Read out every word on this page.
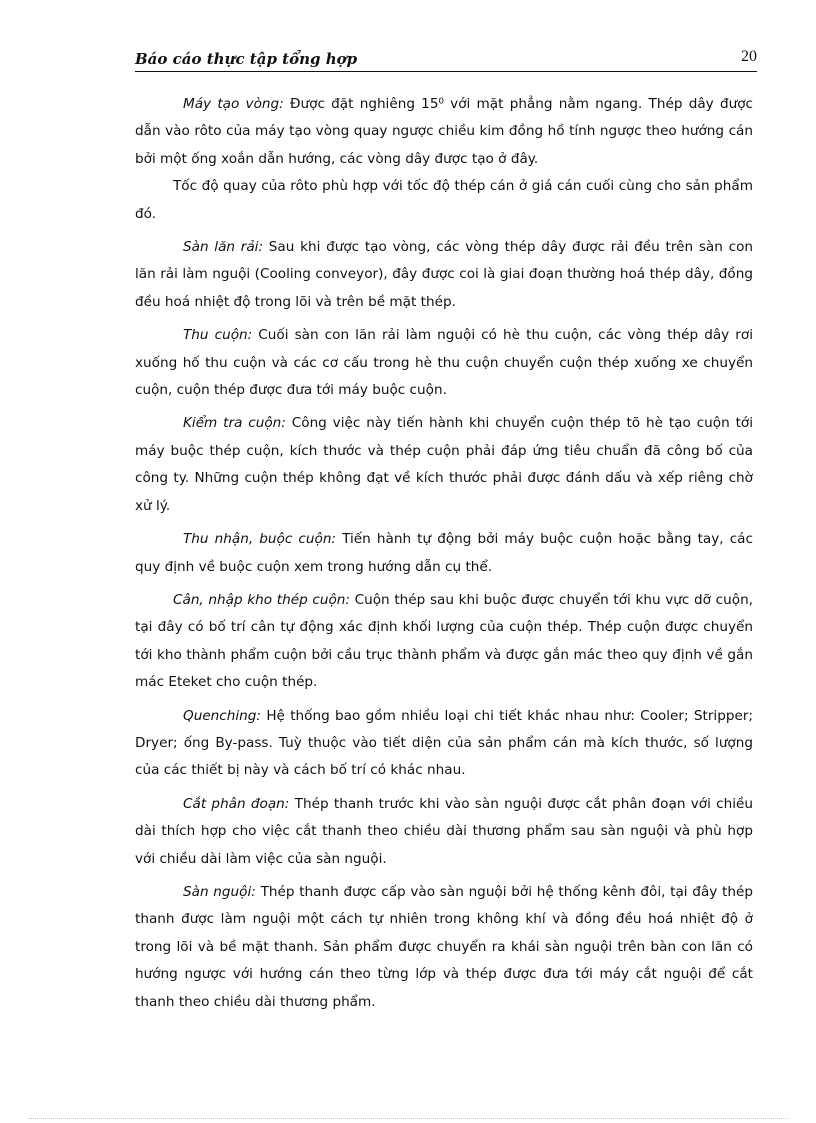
Báo cáo thực tập tổng hợp	20

Máy tạo vòng: Được đặt nghiêng 15⁰ với mặt phẳng nằm ngang. Thép dây được dẫn vào rôto của máy tạo vòng quay ngược chiều kim đồng hồ tính ngược theo hướng cán bởi một ống xoắn dẫn hướng, các vòng dây được tạo ở đây.

Tốc độ quay của rôto phù hợp với tốc độ thép cán ở giá cán cuối cùng cho sản phẩm đó.

Sàn lăn rải: Sau khi được tạo vòng, các vòng thép dây được rải đều trên sàn con lăn rải làm nguội (Cooling conveyor), đây được coi là giai đoạn thường hoá thép dây, đồng đều hoá nhiệt độ trong lõi và trên bề mặt thép.

Thu cuộn: Cuối sàn con lăn rải làm nguội có hè thu cuộn, các vòng thép dây rơi xuống hố thu cuộn và các cơ cấu trong hè thu cuộn chuyển cuộn thép xuống xe chuyển cuộn, cuộn thép được đưa tới máy buộc cuộn.

Kiểm tra cuộn: Công việc này tiến hành khi chuyển cuộn thép tõ hè tạo cuộn tới máy buộc thép cuộn, kích thước và thép cuộn phải đáp ứng tiêu chuẩn đã công bố của công ty. Những cuộn thép không đạt về kích thước phải được đánh dấu và xếp riêng chờ xử lý.

Thu nhận, buộc cuộn: Tiến hành tự động bởi máy buộc cuộn hoặc bằng tay, các quy định về buộc cuộn xem trong hướng dẫn cụ thể.

Cân, nhập kho thép cuộn: Cuộn thép sau khi buộc được chuyển tới khu vực dỡ cuộn, tại đây có bố trí cân tự động xác định khối lượng của cuộn thép. Thép cuộn được chuyển tới kho thành phẩm cuộn bởi cầu trục thành phẩm và được gắn mác theo quy định về gắn mác Eteket cho cuộn thép.

Quenching: Hệ thống bao gồm nhiều loại chi tiết khác nhau như: Cooler; Stripper; Dryer; ống By-pass. Tuỳ thuộc vào tiết diện của sản phẩm cán mà kích thước, số lượng của các thiết bị này và cách bố trí có khác nhau.

Cắt phân đoạn: Thép thanh trước khi vào sàn nguội được cắt phân đoạn với chiều dài thích hợp cho việc cắt thanh theo chiều dài thương phẩm sau sàn nguội và phù hợp với chiều dài làm việc của sàn nguội.

Sàn nguội: Thép thanh được cấp vào sàn nguội bởi hệ thống kênh đôi, tại đây thép thanh được làm nguội một cách tự nhiên trong không khí và đồng đều hoá nhiệt độ ở trong lõi và bề mặt thanh. Sản phẩm được chuyển ra khái sàn nguội trên bàn con lăn có hướng ngược với hướng cán theo từng lớp và thép được đưa tới máy cắt nguội để cắt thanh theo chiều dài thương phẩm.
